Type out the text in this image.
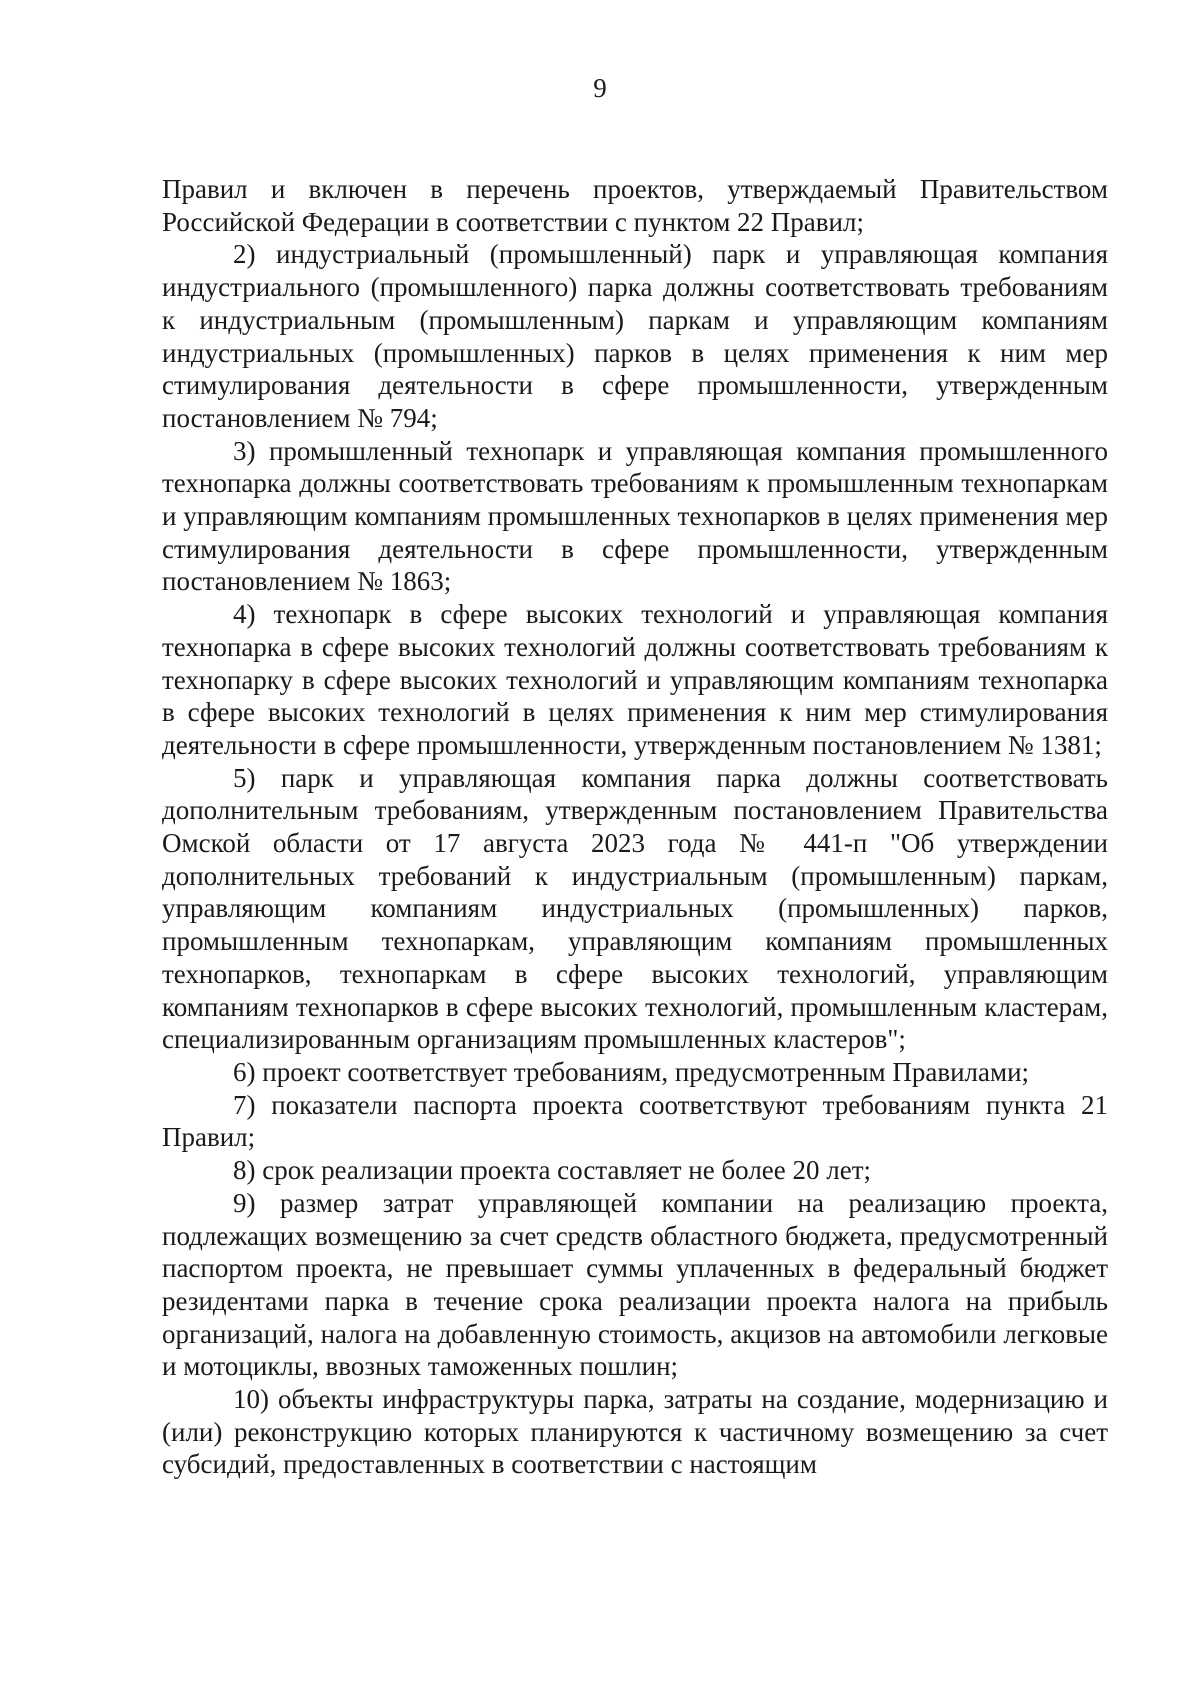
9

Правил и включен в перечень проектов, утверждаемый Правительством Российской Федерации в соответствии с пунктом 22 Правил;

2) индустриальный (промышленный) парк и управляющая компания индустриального (промышленного) парка должны соответствовать требованиям к индустриальным (промышленным) паркам и управляющим компаниям индустриальных (промышленных) парков в целях применения к ним мер стимулирования деятельности в сфере промышленности, утвержденным постановлением № 794;

3) промышленный технопарк и управляющая компания промышленного технопарка должны соответствовать требованиям к промышленным технопаркам и управляющим компаниям промышленных технопарков в целях применения мер стимулирования деятельности в сфере промышленности, утвержденным постановлением № 1863;

4) технопарк в сфере высоких технологий и управляющая компания технопарка в сфере высоких технологий должны соответствовать требованиям к технопарку в сфере высоких технологий и управляющим компаниям технопарка в сфере высоких технологий в целях применения к ним мер стимулирования деятельности в сфере промышленности, утвержденным постановлением № 1381;

5) парк и управляющая компания парка должны соответствовать дополнительным требованиям, утвержденным постановлением Правительства Омской области от 17 августа 2023 года № 441-п "Об утверждении дополнительных требований к индустриальным (промышленным) паркам, управляющим компаниям индустриальных (промышленных) парков, промышленным технопаркам, управляющим компаниям промышленных технопарков, технопаркам в сфере высоких технологий, управляющим компаниям технопарков в сфере высоких технологий, промышленным кластерам, специализированным организациям промышленных кластеров";

6) проект соответствует требованиям, предусмотренным Правилами;

7) показатели паспорта проекта соответствуют требованиям пункта 21 Правил;

8) срок реализации проекта составляет не более 20 лет;

9) размер затрат управляющей компании на реализацию проекта, подлежащих возмещению за счет средств областного бюджета, предусмотренный паспортом проекта, не превышает суммы уплаченных в федеральный бюджет резидентами парка в течение срока реализации проекта налога на прибыль организаций, налога на добавленную стоимость, акцизов на автомобили легковые и мотоциклы, ввозных таможенных пошлин;

10) объекты инфраструктуры парка, затраты на создание, модернизацию и (или) реконструкцию которых планируются к частичному возмещению за счет субсидий, предоставленных в соответствии с настоящим
